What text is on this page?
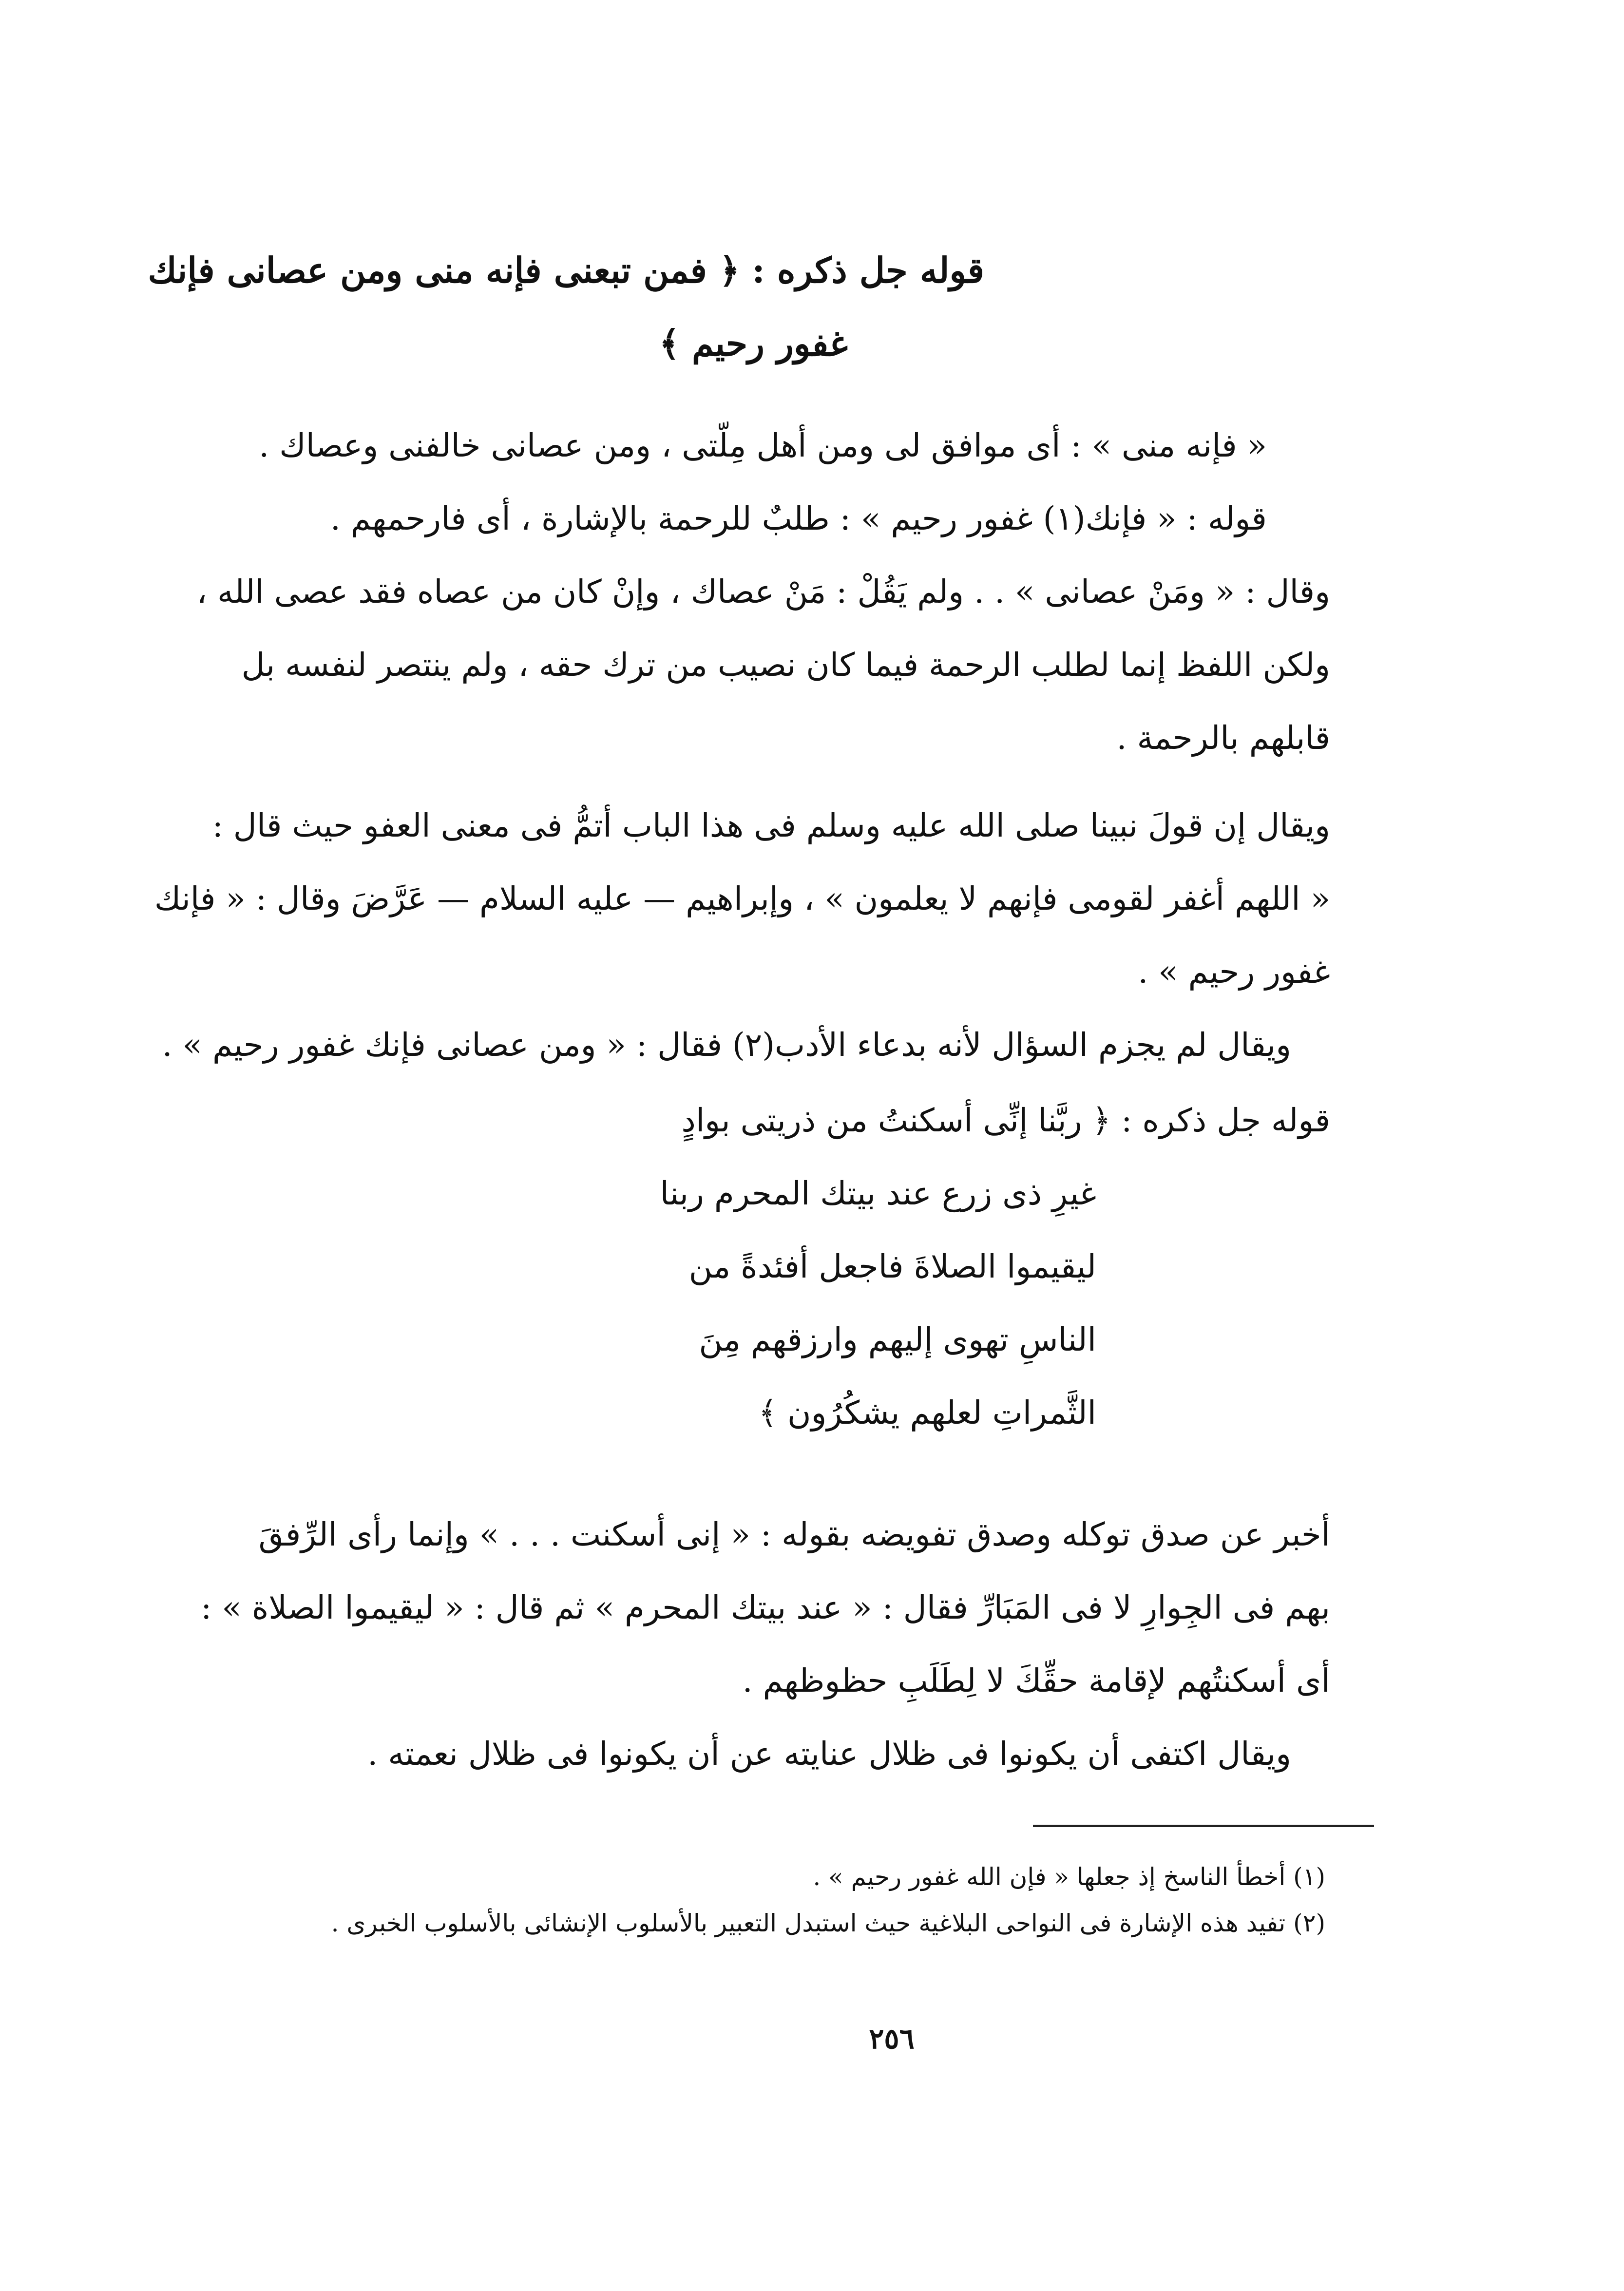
قوله جل ذكره : ﴿ فمن تبعنى فإنه منى ومن عصانى فإنك
غفور رحيم ﴾
« فإنه منى » : أى موافق لى ومن أهل مِلّتى ، ومن عصانى خالفنى وعصاك .
قوله : « فإنك(١) غفور رحيم » : طلبٌ للرحمة بالإشارة ، أى فارحمهم .
وقال : « ومَنْ عصانى » . . ولم يَقُلْ : مَنْ عصاك ، وإنْ كان من عصاه فقد عصى الله ،
ولكن اللفظ إنما لطلب الرحمة فيما كان نصيب من ترك حقه ، ولم ينتصر لنفسه بل
قابلهم بالرحمة .
ويقال إن قولَ نبينا صلى الله عليه وسلم فى هذا الباب أتمُّ فى معنى العفو حيث قال :
« اللهم أغفر لقومى فإنهم لا يعلمون » ، وإبراهيم — عليه السلام — عَرَّضَ وقال : « فإنك
غفور رحيم » .
ويقال لم يجزم السؤال لأنه بدعاء الأدب(٢) فقال : « ومن عصانى فإنك غفور رحيم » .
قوله جل ذكره : ﴿ ربَّنا إنِّى أسكنتُ من ذريتى بوادٍ
غيرِ ذى زرع عند بيتك المحرم ربنا
ليقيموا الصلاةَ فاجعل أفئدةً من
الناسِ تهوى إليهم وارزقهم مِنَ
الثَّمراتِ لعلهم يشكُرُون ﴾
أخبر عن صدق توكله وصدق تفويضه بقوله : « إنى أسكنت . . . » وإنما رأى الرِّفقَ
بهم فى الجِوارِ لا فى المَبَارِّ فقال : « عند بيتك المحرم » ثم قال : « ليقيموا الصلاة » :
أى أسكنتُهم لإقامة حقِّكَ لا لِطَلَبِ حظوظهم .
ويقال اكتفى أن يكونوا فى ظلال عنايته عن أن يكونوا فى ظلال نعمته .
(١) أخطأ الناسخ إذ جعلها « فإن الله غفور رحيم » .
(٢) تفيد هذه الإشارة فى النواحى البلاغية حيث استبدل التعبير بالأسلوب الإنشائى بالأسلوب الخبرى .
٢٥٦
